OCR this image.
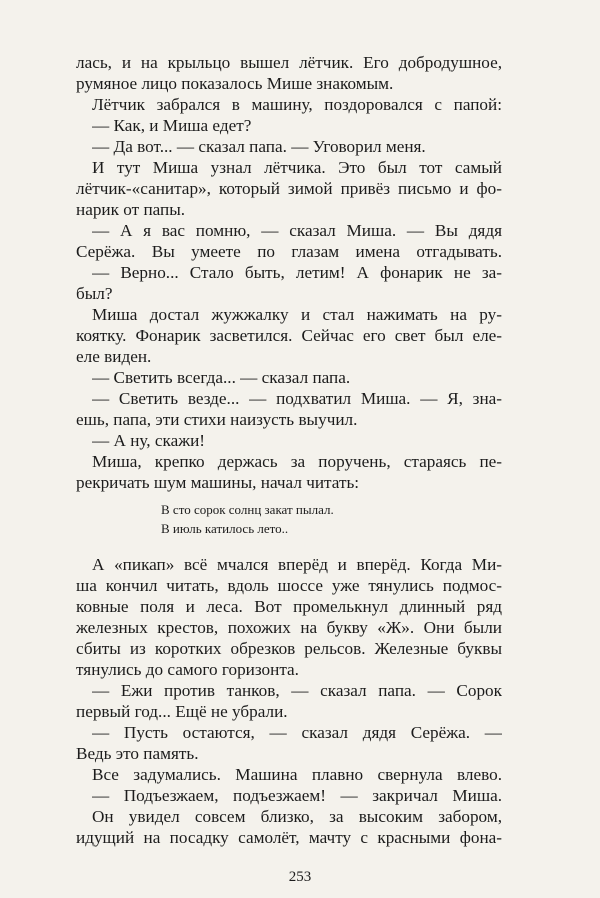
лась, и на крыльцо вышел лётчик. Его добродушное,
румяное лицо показалось Мише знакомым.
Лётчик забрался в машину, поздоровался с папой:
— Как, и Миша едет?
— Да вот... — сказал папа. — Уговорил меня.
И тут Миша узнал лётчика. Это был тот самый
лётчик-«санитар», который зимой привёз письмо и фо-
нарик от папы.
— А я вас помню, — сказал Миша. — Вы дядя
Серёжа. Вы умеете по глазам имена отгадывать.
— Верно... Стало быть, летим! А фонарик не за-
был?
Миша достал жужжалку и стал нажимать на ру-
коятку. Фонарик засветился. Сейчас его свет был еле-
еле виден.
— Светить всегда... — сказал папа.
— Светить везде... — подхватил Миша. — Я, зна-
ешь, папа, эти стихи наизусть выучил.
— А ну, скажи!
Миша, крепко держась за поручень, стараясь пе-
рекричать шум машины, начал читать:
В сто сорок солнц закат пылал.
В июль катилось лето..
А «пикап» всё мчался вперёд и вперёд. Когда Ми-
ша кончил читать, вдоль шоссе уже тянулись подмос-
ковные поля и леса. Вот промелькнул длинный ряд
железных крестов, похожих на букву «Ж». Они были
сбиты из коротких обрезков рельсов. Железные буквы
тянулись до самого горизонта.
— Ежи против танков, — сказал папа. — Сорок
первый год... Ещё не убрали.
— Пусть остаются, — сказал дядя Серёжа. —
Ведь это память.
Все задумались. Машина плавно свернула влево.
— Подъезжаем, подъезжаем! — закричал Миша.
Он увидел совсем близко, за высоким забором,
идущий на посадку самолёт, мачту с красными фона-
253
